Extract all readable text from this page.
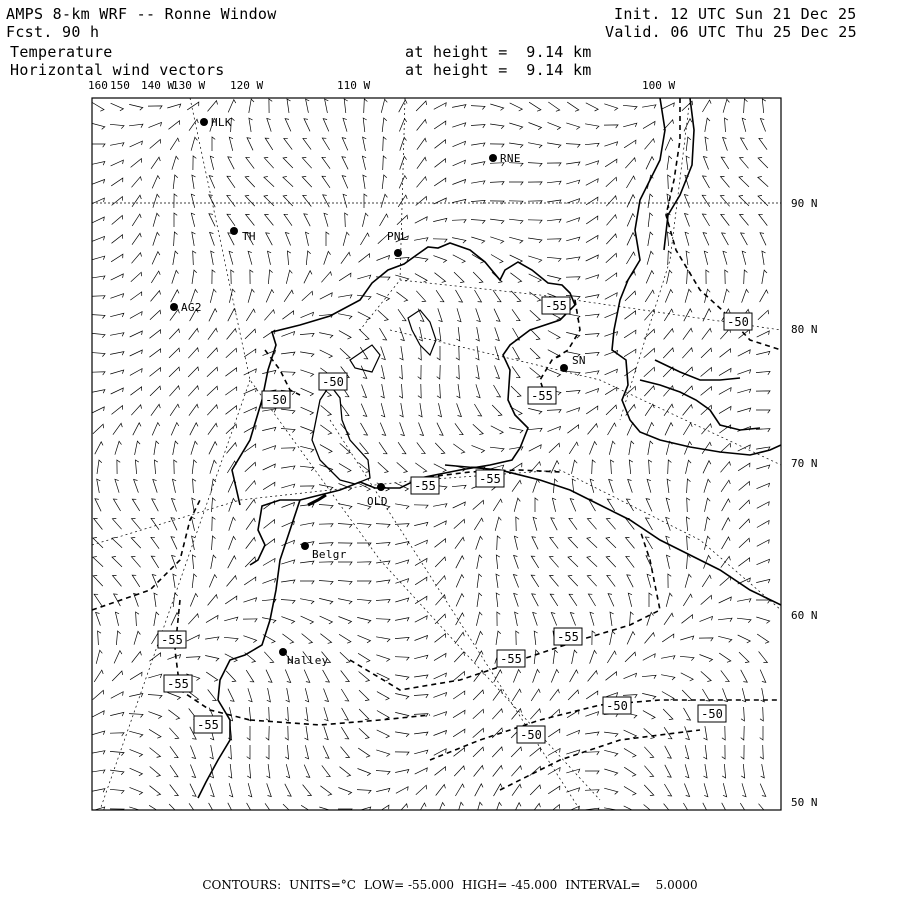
AMPS 8-km WRF -- Ronne Window
Fcst. 90 h
Init. 12 UTC Sun 21 Dec 25
Valid. 06 UTC Thu 25 Dec 25
Temperature
Horizontal wind vectors
at height =  9.14 km
at height =  9.14 km
160 150 140 W
130 W 120 W	110 W	100 W
90 N
80 N
70 N
60 N
50 N
-50
-50
-55
-50
-55
-55	-55
-55
-55
-55
-55
-55
-50
-50
-50
HLK
RNE
TH	PNL
AG2
SN
OLD
Belgr
Halley
CONTOURS: UNITS=°C LOW= -55.000 HIGH= -45.000 INTERVAL=    5.0000
